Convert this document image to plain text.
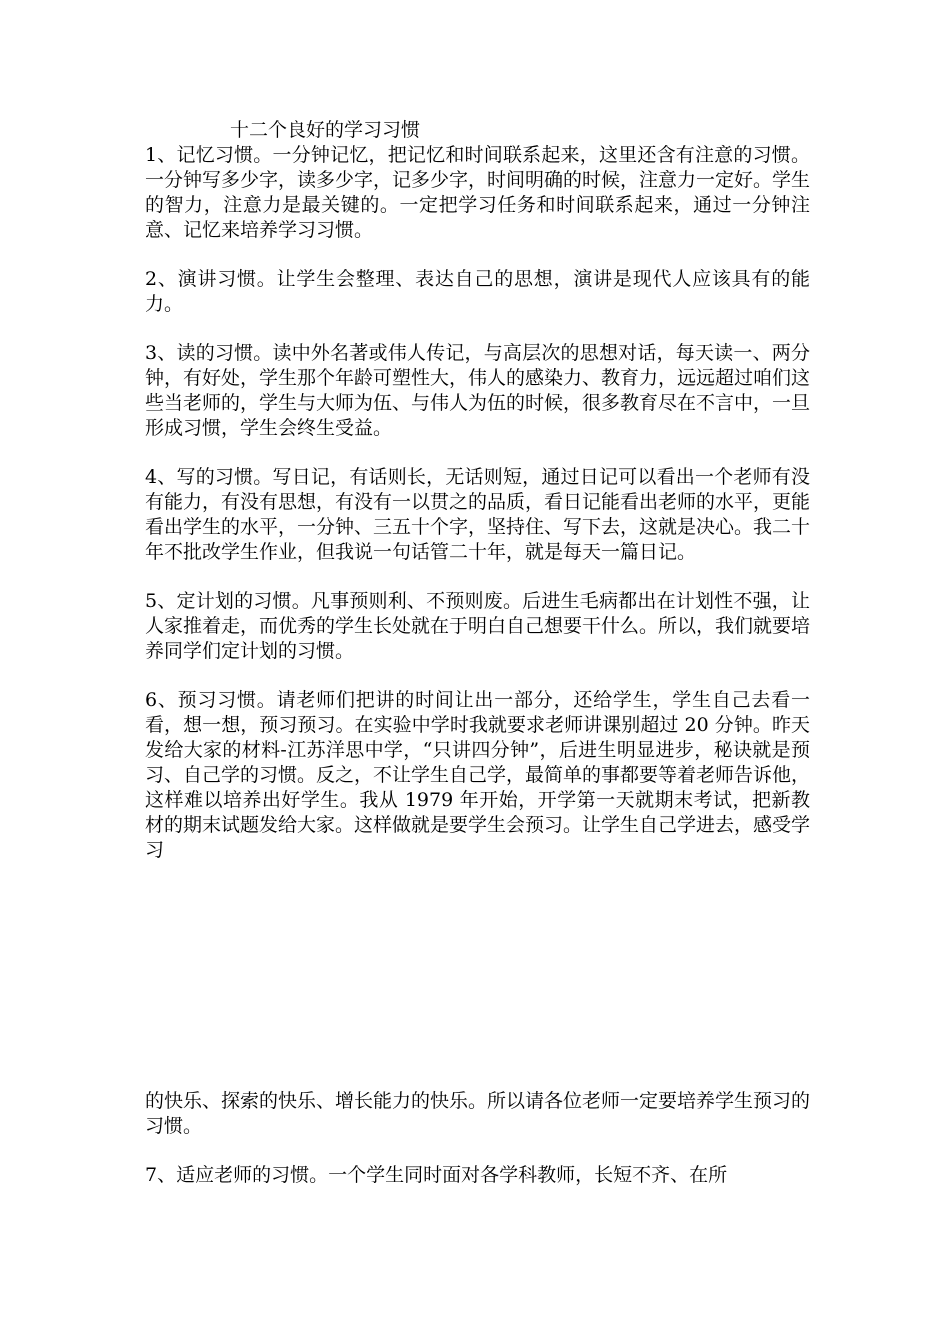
十二个良好的学习习惯

1、记忆习惯。一分钟记忆，把记忆和时间联系起来，这里还含有注意的习惯。一分钟写多少字，读多少字，记多少字，时间明确的时候，注意力一定好。学生的智力，注意力是最关键的。一定把学习任务和时间联系起来，通过一分钟注意、记忆来培养学习习惯。

2、演讲习惯。让学生会整理、表达自己的思想，演讲是现代人应该具有的能力。

3、读的习惯。读中外名著或伟人传记，与高层次的思想对话，每天读一、两分钟，有好处，学生那个年龄可塑性大，伟人的感染力、教育力，远远超过咱们这些当老师的，学生与大师为伍、与伟人为伍的时候，很多教育尽在不言中，一旦形成习惯，学生会终生受益。

4、写的习惯。写日记，有话则长，无话则短，通过日记可以看出一个老师有没有能力，有没有思想，有没有一以贯之的品质，看日记能看出老师的水平，更能看出学生的水平，一分钟、三五十个字，坚持住、写下去，这就是决心。我二十年不批改学生作业，但我说一句话管二十年，就是每天一篇日记。

5、定计划的习惯。凡事预则利、不预则废。后进生毛病都出在计划性不强，让人家推着走，而优秀的学生长处就在于明白自己想要干什么。所以，我们就要培养同学们定计划的习惯。

6、预习习惯。请老师们把讲的时间让出一部分，还给学生，学生自己去看一看，想一想，预习预习。在实验中学时我就要求老师讲课别超过 20 分钟。昨天发给大家的材料-江苏洋思中学，“只讲四分钟”，后进生明显进步，秘诀就是预习、自己学的习惯。反之，不让学生自己学，最简单的事都要等着老师告诉他，这样难以培养出好学生。我从 1979 年开始，开学第一天就期末考试，把新教材的期末试题发给大家。这样做就是要学生会预习。让学生自己学进去，感受学习

的快乐、探索的快乐、增长能力的快乐。所以请各位老师一定要培养学生预习的习惯。

7、适应老师的习惯。一个学生同时面对各学科教师，长短不齐、在所
